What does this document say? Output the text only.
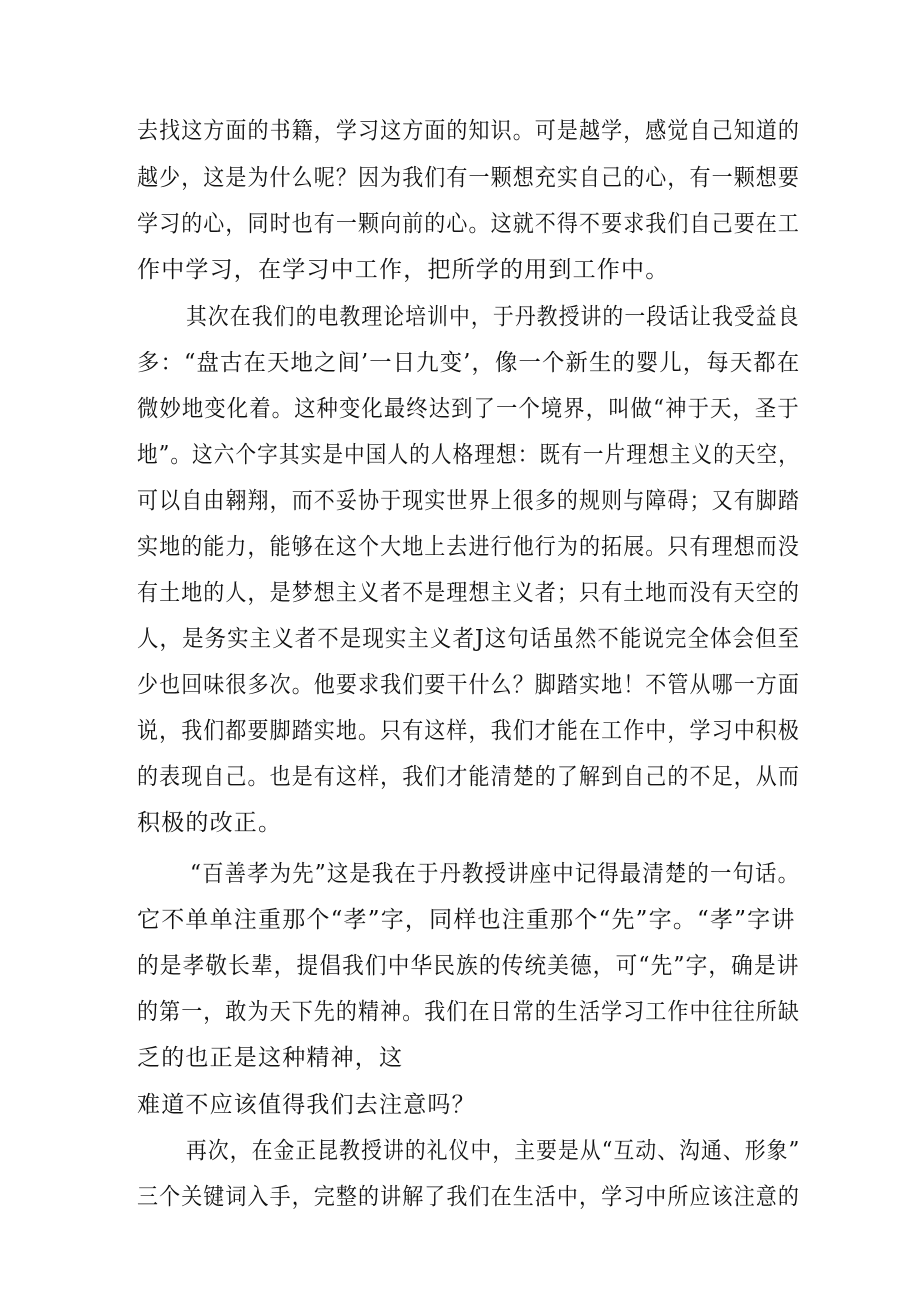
去找这方面的书籍，学习这方面的知识。可是越学，感觉自己知道的

越少，这是为什么呢？因为我们有一颗想充实自己的心，有一颗想要

学习的心，同时也有一颗向前的心。这就不得不要求我们自己要在工

作中学习，在学习中工作，把所学的用到工作中。

其次在我们的电教理论培训中，于丹教授讲的一段话让我受益良

多：“盘古在天地之间’一日九变’，像一个新生的婴儿，每天都在

微妙地变化着。这种变化最终达到了一个境界，叫做“神于天，圣于

地”。这六个字其实是中国人的人格理想：既有一片理想主义的天空，

可以自由翱翔，而不妥协于现实世界上很多的规则与障碍；又有脚踏

实地的能力，能够在这个大地上去进行他行为的拓展。只有理想而没

有土地的人，是梦想主义者不是理想主义者；只有土地而没有天空的

人，是务实主义者不是现实主义者J这句话虽然不能说完全体会但至

少也回味很多次。他要求我们要干什么？脚踏实地！不管从哪一方面

说，我们都要脚踏实地。只有这样，我们才能在工作中，学习中积极

的表现自己。也是有这样，我们才能清楚的了解到自己的不足，从而

积极的改正。

“百善孝为先”这是我在于丹教授讲座中记得最清楚的一句话。

它不单单注重那个“孝”字，同样也注重那个“先”字。“孝”字讲

的是孝敬长辈，提倡我们中华民族的传统美德，可“先”字，确是讲

的第一，敢为天下先的精神。我们在日常的生活学习工作中往往所缺

乏的也正是这种精神，这

难道不应该值得我们去注意吗？

再次，在金正昆教授讲的礼仪中，主要是从“互动、沟通、形象”

三个关键词入手，完整的讲解了我们在生活中，学习中所应该注意的
